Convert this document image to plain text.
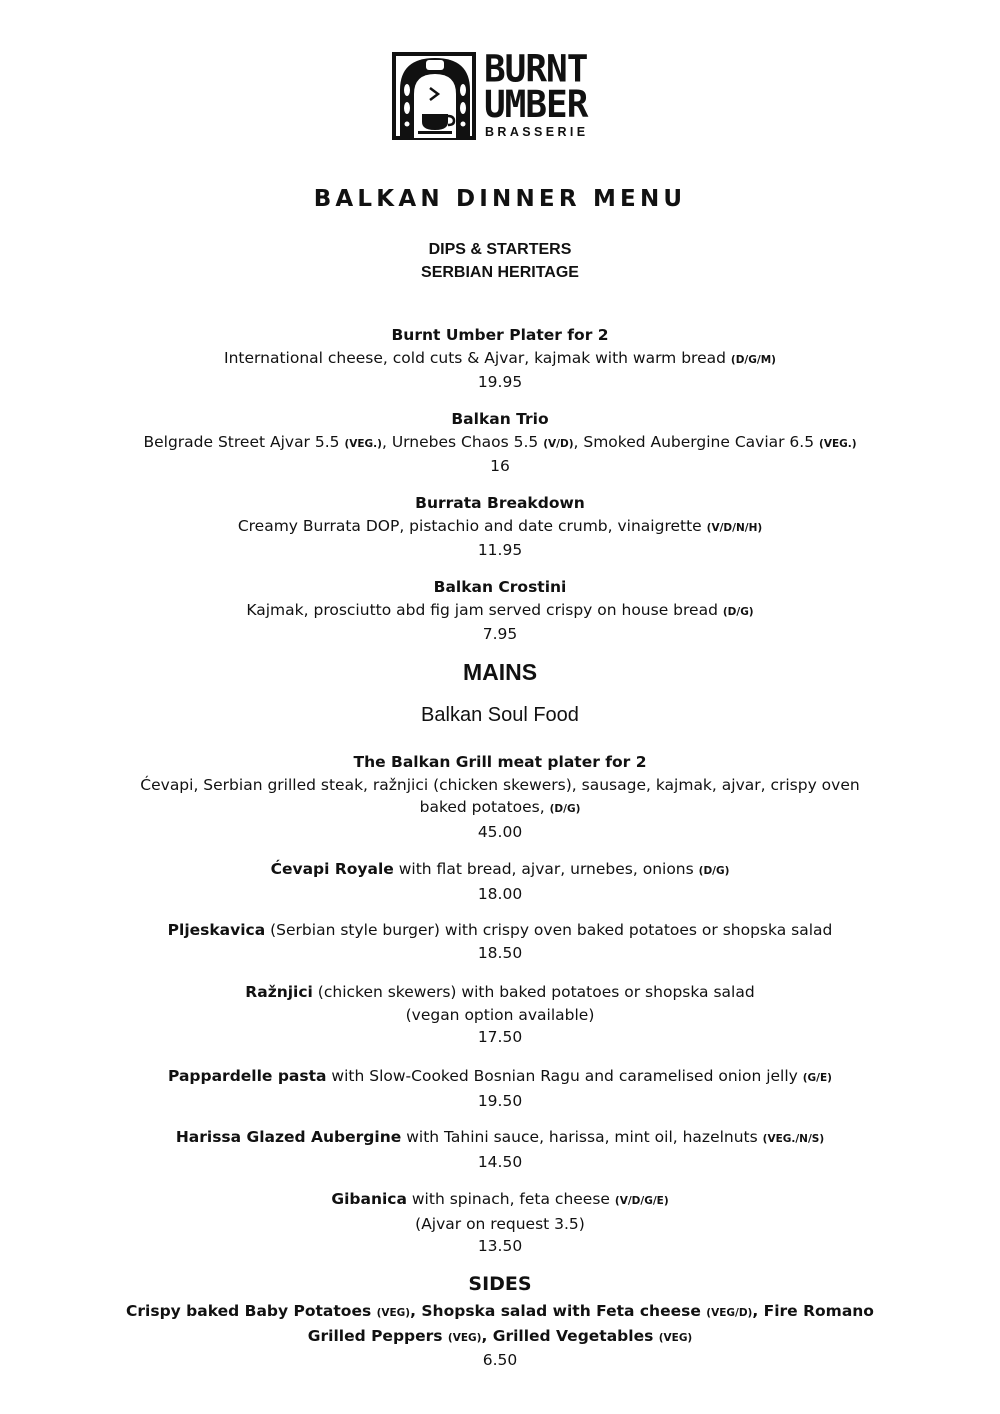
BURNT
UMBER
BRASSERIE
BALKAN DINNER MENU
DIPS & STARTERS
SERBIAN HERITAGE
Burnt Umber Plater for 2
International cheese, cold cuts & Ajvar, kajmak with warm bread (D/G/M)
19.95
Balkan Trio
Belgrade Street Ajvar 5.5 (VEG.), Urnebes Chaos 5.5 (V/D), Smoked Aubergine Caviar 6.5 (VEG.)
16
Burrata Breakdown
Creamy Burrata DOP, pistachio and date crumb, vinaigrette (V/D/N/H)
11.95
Balkan Crostini
Kajmak, prosciutto abd fig jam served crispy on house bread (D/G)
7.95
MAINS
Balkan Soul Food
The Balkan Grill meat plater for 2
Ćevapi, Serbian grilled steak, ražnjici (chicken skewers), sausage, kajmak, ajvar, crispy oven
baked potatoes, (D/G)
45.00
Ćevapi Royale with flat bread, ajvar, urnebes, onions (D/G)
18.00
Pljeskavica (Serbian style burger) with crispy oven baked potatoes or shopska salad
18.50
Ražnjici (chicken skewers) with baked potatoes or shopska salad
(vegan option available)
17.50
Pappardelle pasta with Slow-Cooked Bosnian Ragu and caramelised onion jelly (G/E)
19.50
Harissa Glazed Aubergine with Tahini sauce, harissa, mint oil, hazelnuts (VEG./N/S)
14.50
Gibanica with spinach, feta cheese (V/D/G/E)
(Ajvar on request 3.5)
13.50
SIDES
Crispy baked Baby Potatoes (VEG), Shopska salad with Feta cheese (VEG/D), Fire Romano
Grilled Peppers (VEG), Grilled Vegetables (VEG)
6.50
